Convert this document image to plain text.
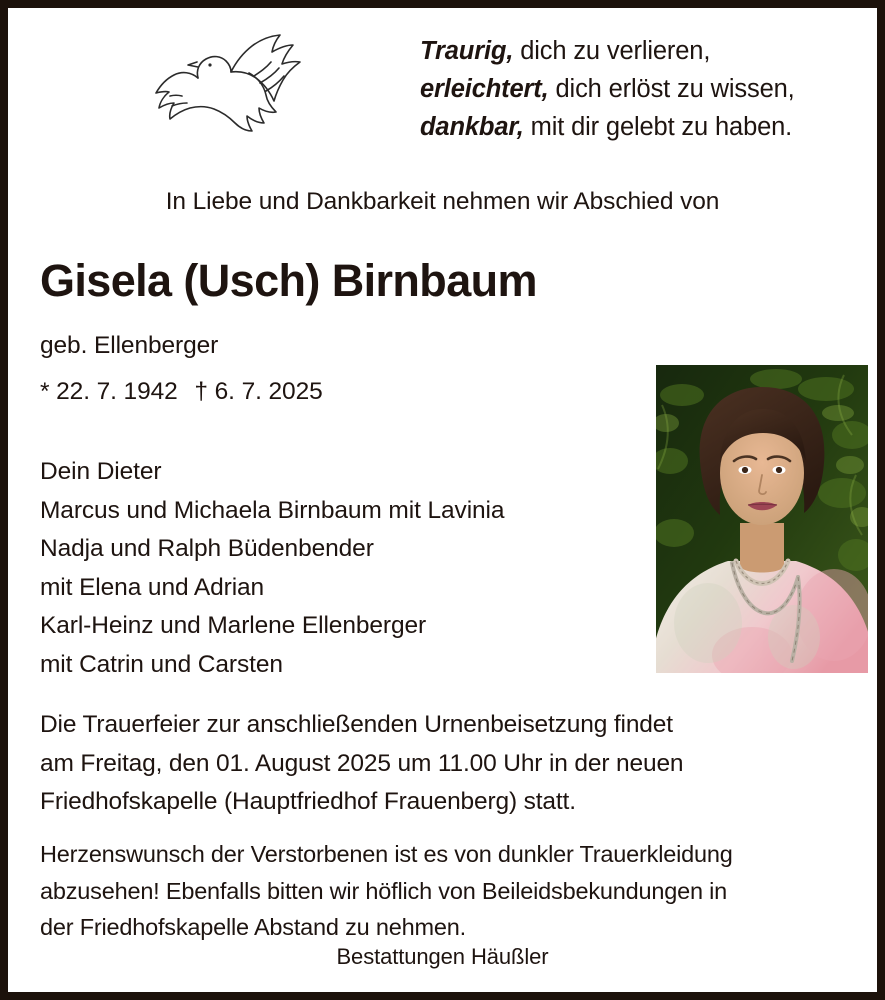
Traurig, dich zu verlieren,
erleichtert, dich erlöst zu wissen,
dankbar, mit dir gelebt zu haben.
In Liebe und Dankbarkeit nehmen wir Abschied von
Gisela (Usch) Birnbaum
geb. Ellenberger
* 22. 7. 1942 † 6. 7. 2025
Dein Dieter
Marcus und Michaela Birnbaum mit Lavinia
Nadja und Ralph Büdenbender
mit Elena und Adrian
Karl-Heinz und Marlene Ellenberger
mit Catrin und Carsten
Die Trauerfeier zur anschließenden Urnenbeisetzung findet
am Freitag, den 01. August 2025 um 11.00 Uhr in der neuen
Friedhofskapelle (Hauptfriedhof Frauenberg) statt.
Herzenswunsch der Verstorbenen ist es von dunkler Trauerkleidung
abzusehen! Ebenfalls bitten wir höflich von Beileidsbekundungen in
der Friedhofskapelle Abstand zu nehmen.
Bestattungen Häußler
